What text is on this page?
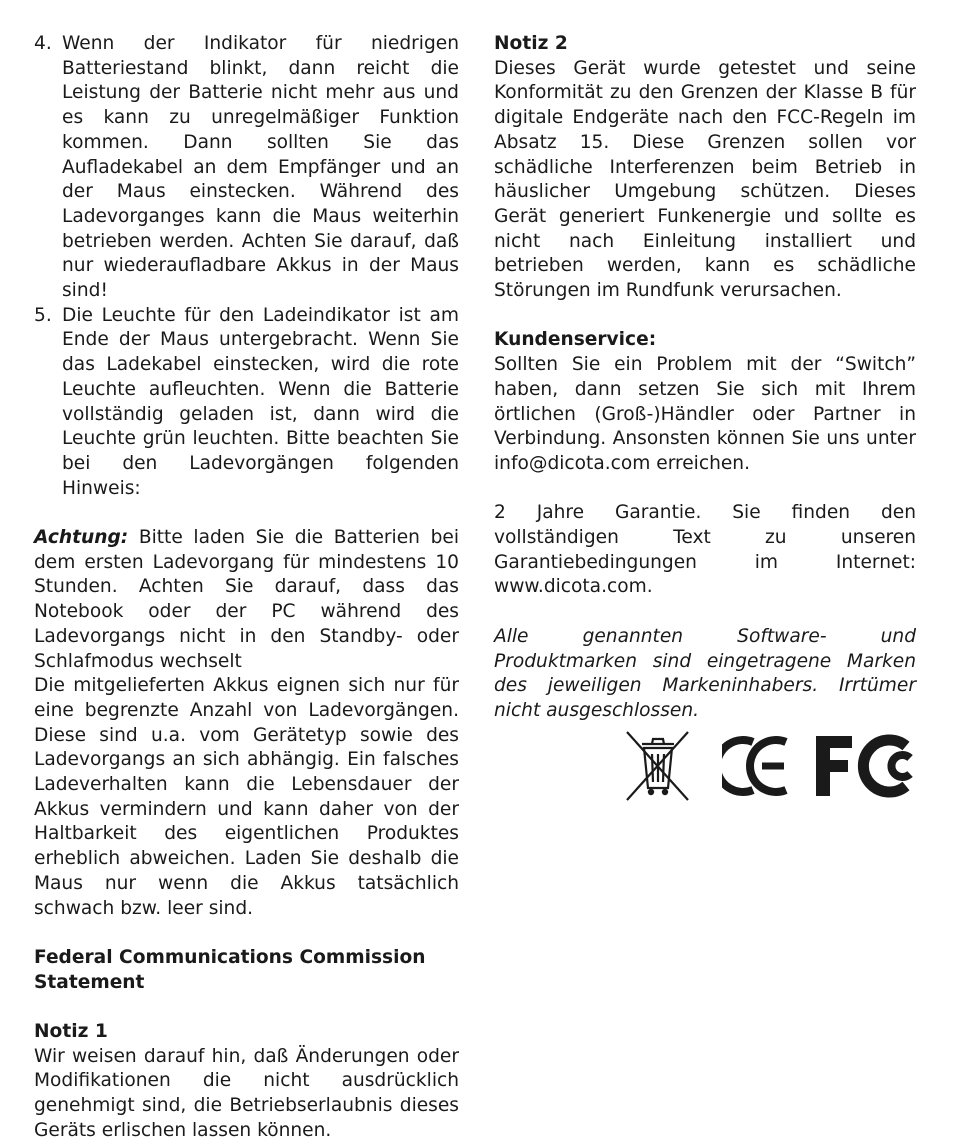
4. Wenn der Indikator für niedrigen Batteriestand blinkt, dann reicht die Leistung der Batterie nicht mehr aus und es kann zu unregelmäßiger Funktion kommen. Dann sollten Sie das Aufladekabel an dem Empfänger und an der Maus einstecken. Während des Ladevorganges kann die Maus weiterhin betrieben werden. Achten Sie darauf, daß nur wiederaufladbare Akkus in der Maus sind!
5. Die Leuchte für den Ladeindikator ist am Ende der Maus untergebracht. Wenn Sie das Ladekabel einstecken, wird die rote Leuchte aufleuchten. Wenn die Batterie vollständig geladen ist, dann wird die Leuchte grün leuchten. Bitte beachten Sie bei den Ladevorgängen folgenden Hinweis:

Achtung: Bitte laden Sie die Batterien bei dem ersten Ladevorgang für mindestens 10 Stunden. Achten Sie darauf, dass das Notebook oder der PC während des Ladevorgangs nicht in den Standby- oder Schlafmodus wechselt

Die mitgelieferten Akkus eignen sich nur für eine begrenzte Anzahl von Ladevorgängen. Diese sind u.a. vom Gerätetyp sowie des Ladevorgangs an sich abhängig. Ein falsches Ladeverhalten kann die Lebensdauer der Akkus vermindern und kann daher von der Haltbarkeit des eigentlichen Produktes erheblich abweichen. Laden Sie deshalb die Maus nur wenn die Akkus tatsächlich schwach bzw. leer sind.

Federal Communications Commission
Statement

Notiz 1

Wir weisen darauf hin, daß Änderungen oder Modifikationen die nicht ausdrücklich genehmigt sind, die Betriebserlaubnis dieses Geräts erlischen lassen können.

Notiz 2

Dieses Gerät wurde getestet und seine Konformität zu den Grenzen der Klasse B für digitale Endgeräte nach den FCC-Regeln im Absatz 15. Diese Grenzen sollen vor schädliche Interferenzen beim Betrieb in häuslicher Umgebung schützen. Dieses Gerät generiert Funkenergie und sollte es nicht nach Einleitung installiert und betrieben werden, kann es schädliche Störungen im Rundfunk verursachen.

Kundenservice:

Sollten Sie ein Problem mit der “Switch” haben, dann setzen Sie sich mit Ihrem örtlichen (Groß-)Händler oder Partner in Verbindung. Ansonsten können Sie uns unter info@dicota.com erreichen.

2 Jahre Garantie. Sie finden den vollständigen Text zu unseren Garantiebedingungen im Internet: www.dicota.com.

Alle genannten Software- und Produktmarken sind eingetragene Marken des jeweiligen Markeninhabers. Irrtümer nicht ausgeschlossen.
